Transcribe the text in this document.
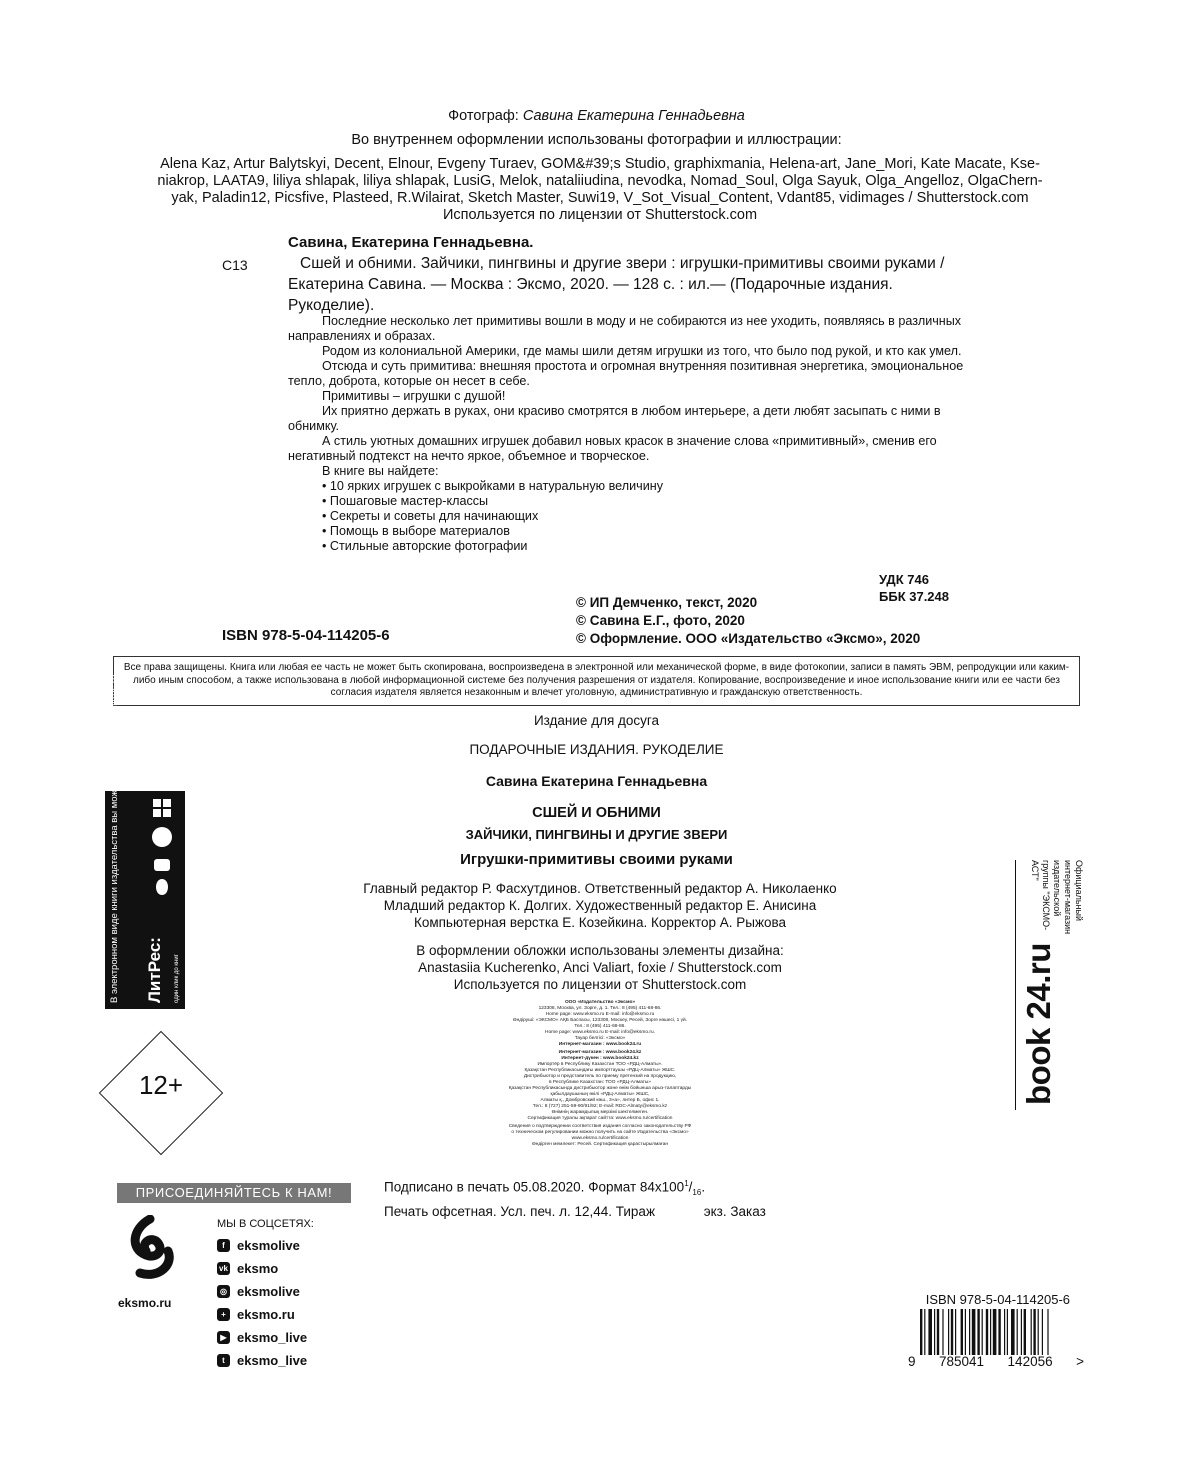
Фотограф: Савина Екатерина Геннадьевна
Во внутреннем оформлении использованы фотографии и иллюстрации:
Alena Kaz, Artur Balytskyi, Decent, Elnour, Evgeny Turaev, GOM&#39;s Studio, graphixmania, Helena-art, Jane_Mori, Kate Macate, Kse-
niakrop, LAATA9, liliya shlapak, liliya shlapak, LusiG, Melok, nataliiudina, nevodka, Nomad_Soul, Olga Sayuk, Olga_Angelloz, OlgaChern-
yak, Paladin12, Picsfive, Plasteed, R.Wilairat, Sketch Master, Suwi19, V_Sot_Visual_Content, Vdant85, vidimages / Shutterstock.com
Используется по лицензии от Shutterstock.com
Савина, Екатерина Геннадьевна.
С13	Сшей и обними. Зайчики, пингвины и другие звери : игрушки-примитивы своими руками / Екатерина Савина. — Москва : Эксмо, 2020. — 128 с. : ил.— (Подарочные издания. Рукоделие).

Последние несколько лет примитивы вошли в моду и не собираются из нее уходить, появляясь в различных направлениях и образах.

Родом из колониальной Америки, где мамы шили детям игрушки из того, что было под рукой, и кто как умел.

Отсюда и суть примитива: внешняя простота и огромная внутренняя позитивная энергетика, эмоциональное тепло, доброта, которые он несет в себе.

Примитивы – игрушки с душой!

Их приятно держать в руках, они красиво смотрятся в любом интерьере, а дети любят засыпать с ними в обнимку.

А стиль уютных домашних игрушек добавил новых красок в значение слова «примитивный», сменив его негативный подтекст на нечто яркое, объемное и творческое.

В книге вы найдете:

• 10 ярких игрушек с выкройками в натуральную величину
• Пошаговые мастер-классы
• Секреты и советы для начинающих
• Помощь в выборе материалов
• Стильные авторские фотографии
УДК 746
ББК 37.248
© ИП Демченко, текст, 2020
© Савина Е.Г., фото, 2020
© Оформление. ООО «Издательство «Эксмо», 2020
ISBN 978-5-04-114205-6
Все права защищены. Книга или любая ее часть не может быть скопирована, воспроизведена в электронной или механической форме, в виде фотокопии, записи в память ЭВМ, репродукции или каким-либо иным способом, а также использована в любой информационной системе без получения разрешения от издателя. Копирование, воспроизведение и иное использование книги или ее части без согласия издателя является незаконным и влечет уголовную, административную и гражданскую ответственность.
Издание для досуга
ПОДАРОЧНЫЕ ИЗДАНИЯ. РУКОДЕЛИЕ
Савина Екатерина Геннадьевна
СШЕЙ И ОБНИМИ
ЗАЙЧИКИ, ПИНГВИНЫ И ДРУГИЕ ЗВЕРИ
Игрушки-примитивы своими руками
Главный редактор Р. Фасхутдинов. Ответственный редактор А. Николаенко
Младший редактор К. Долгих. Художественный редактор Е. Анисина
Компьютерная верстка Е. Козейкина. Корректор А. Рыжова
В оформлении обложки использованы элементы дизайна:
Anastasiia Kucherenko, Anci Valiart, foxie / Shutterstock.com
Используется по лицензии от Shutterstock.com
В электронном виде книги издательства вы можете купить на www.litres.ru ЛитРес: один клик до книг
12+
Официальный интернет-магазин издательской группы "ЭКСМО-АСТ"
book 24.ru
ООО «Издательство «Эксмо»
123308, Москва, ул. Зорге, д. 1. Тел.: 8 (495) 411-68-86.
Home page: www.eksmo.ru E-mail: info@eksmo.ru
Өндіруші: «ЭКСМО» АҚБ Баспасы, 123308, Мәскеу, Ресей, Зорге көшесі, 1 үй.
Тел.: 8 (495) 411-68-86.
Home page: www.eksmo.ru E-mail: info@eksmo.ru.
Тауар белгісі: «Эксмо»
Интернет-магазин : www.book24.ru
Интернет-магазин : www.book24.kz
Интернет-дүкен : www.book24.kz
Импортёр в Республику Казахстан ТОО «РДЦ-Алматы».
Қазақстан Республикасындағы импорттаушы «РДЦ-Алматы» ЖШС.
Дистрибьютор и представитель по приему претензий на продукцию,
в Республике Казахстан: ТОО «РДЦ-Алматы»
Қазақстан Республикасында дистрибьютор және өнім бойынша арыз-талаптарды
қабылдаушының өкілі «РДЦ-Алматы» ЖШС,
Алматы қ., Домбровский көш., 3«а», литер Б, офис 1.
Тел.: 8 (727) 251-59-90/91/92; E-mail: RDC-Almaty@eksmo.kz
Өнімнің жарамдылық мерзімі шектелмеген.
Сертификация туралы ақпарат сайтта: www.eksmo.ru/certification
Сведения о подтверждении соответствия издания согласно законодательству РФ
о техническом регулировании можно получить на сайте Издательства «Эксмо»
www.eksmo.ru/certification
Өндірген мемлекет: Ресей. Сертификация қарастырылмаған
Подписано в печать 05.08.2020. Формат $84x100^1/_{16}$.
Печать офсетная. Усл. печ. л. 12,44. Тираж             экз. Заказ
ПРИСОЕДИНЯЙТЕСЬ К НАМ!
eksmo.ru
МЫ В СОЦСЕТЯХ:
f eksmolive
vk eksmo
◎ eksmolive
+ eksmo.ru
▶ eksmo_live
t eksmo_live
ISBN 978-5-04-114205-6
9 785041 142056 >
